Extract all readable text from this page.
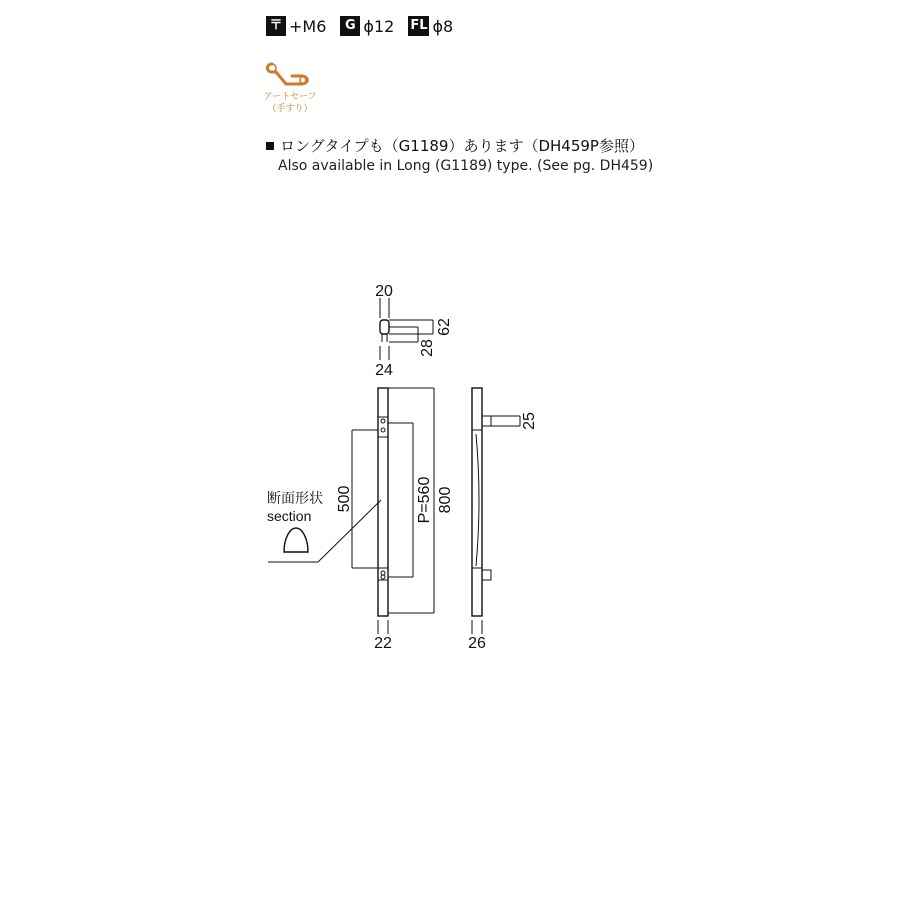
〒 +M6	G ϕ12 FL ϕ8
アートセーフ
（手すり）
ロングタイプも（G1189）あります（DH459P参照）
Also available in Long (G1189) type. (See pg. DH459)
20
24
62
28
500	P=560 800
22
25
26
断面形状
section
